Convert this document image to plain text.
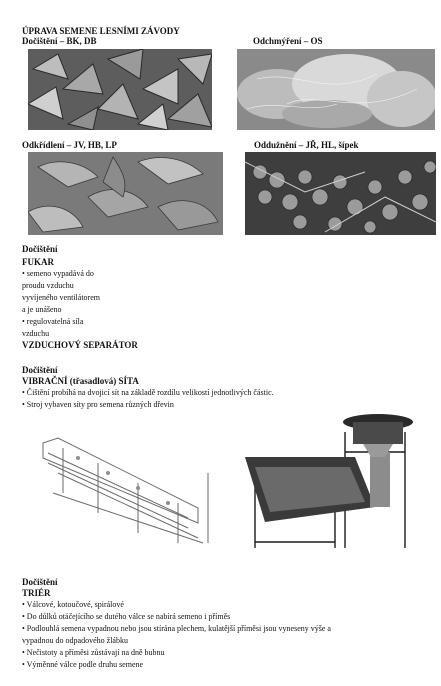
ÚPRAVA SEMENE LESNÍMI ZÁVODY
Dočištění – BK, DB	Odchmýření – OS
Odkřídlení – JV, HB, LP	Oddužnění – JŘ, HL, šípek
Dočištění
FUKAR
• semeno vypadává do
proudu vzduchu
vyvíjeného ventilátorem
a je unášeno
• regulovatelná síla
vzduchu
VZDUCHOVÝ SEPARÁTOR
Dočištění
VIBRAČNÍ (třasadlová) SÍTA
• Čištění probíhá na dvojicí sít na základě rozdílu velikostí jednotlivých částic.
• Stroj vybaven síty pro semena různých dřevin
Dočištění
TRIÉR
• Válcové, kotoučové, spirálové
• Do důlků otáčejícího se dutého válce se nabírá semeno i příměs
• Podlouhlá semena vypadnou nebo jsou stírána plechem, kulatější příměsi jsou vyneseny výše a
vypadnou do odpadového žlábku
• Nečistoty a příměsi zůstávají na dně bubnu
• Výměnné válce podle druhu semene
